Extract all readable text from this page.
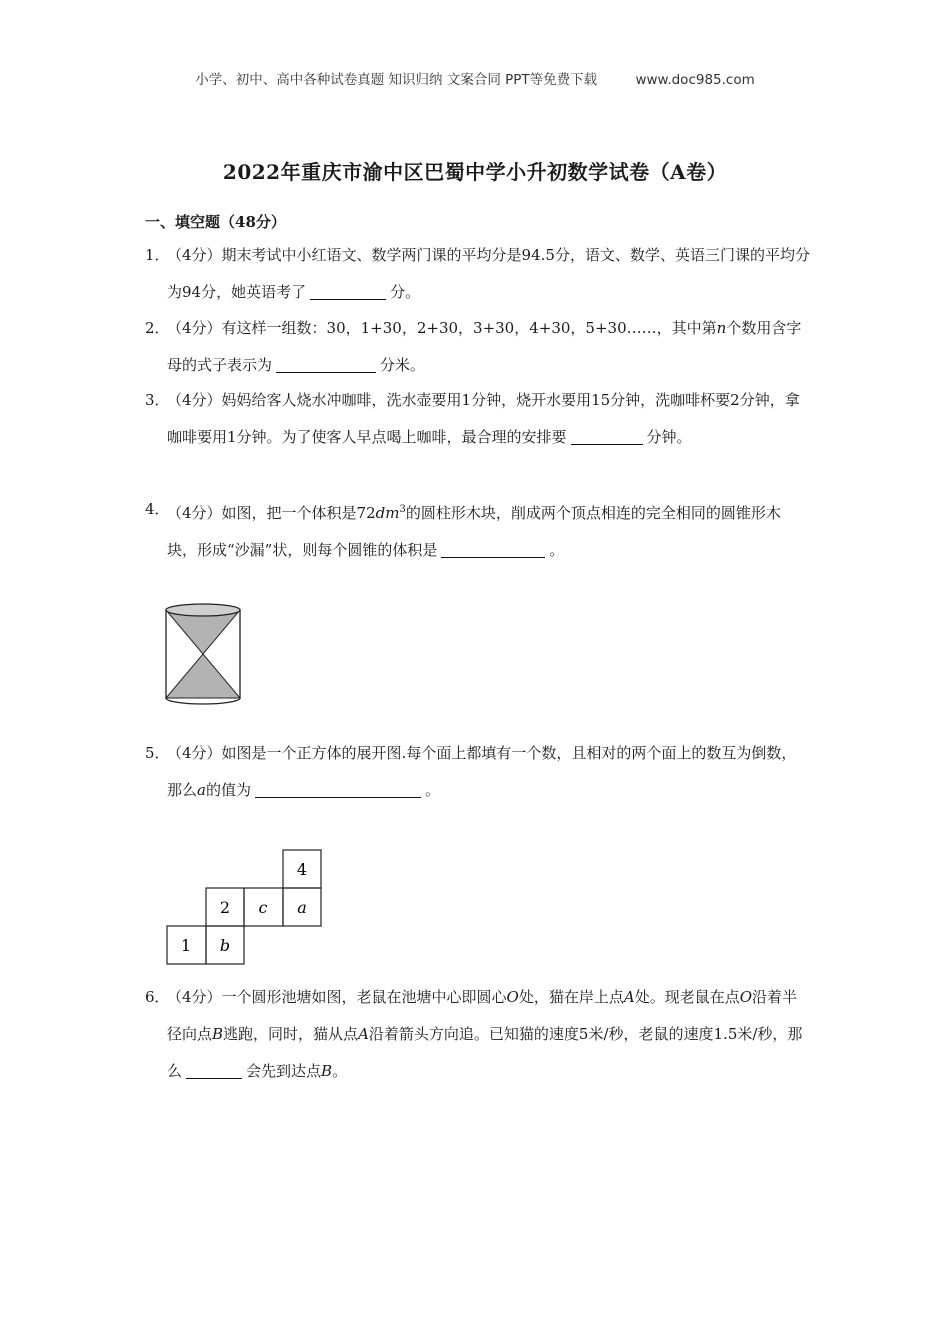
小学、初中、高中各种试卷真题 知识归纳 文案合同 PPT等免费下载	www.doc985.com
2022年重庆市渝中区巴蜀中学小升初数学试卷（A卷）
一、填空题（48分）
1．
（4分）期末考试中小红语文、数学两门课的平均分是94.5分，语文、数学、英语三门课的平均分为94分，她英语考了	分。
2．
（4分）有这样一组数：30，1+30，2+30，3+30，4+30，5+30……，其中第n个数用含字母的式子表示为	分米。
3．
（4分）妈妈给客人烧水冲咖啡，洗水壶要用1分钟，烧开水要用15分钟，洗咖啡杯要2分钟，拿咖啡要用1分钟。为了使客人早点喝上咖啡，最合理的安排要	分钟。
4．
（4分）如图，把一个体积是$72dm^3$的圆柱形木块，削成两个顶点相连的完全相同的圆锥形木块，形成“沙漏”状，则每个圆锥的体积是	。
5．
（4分）如图是一个正方体的展开图.每个面上都填有一个数，且相对的两个面上的数互为倒数，那么a的值为	。
4
2 c a
1 b
6．
（4分）一个圆形池塘如图，老鼠在池塘中心即圆心O处，猫在岸上点A处。现老鼠在点O沿着半径向点B逃跑，同时，猫从点A沿着箭头方向追。已知猫的速度5米/秒，老鼠的速度1.5米/秒，那么	会先到达点B。
